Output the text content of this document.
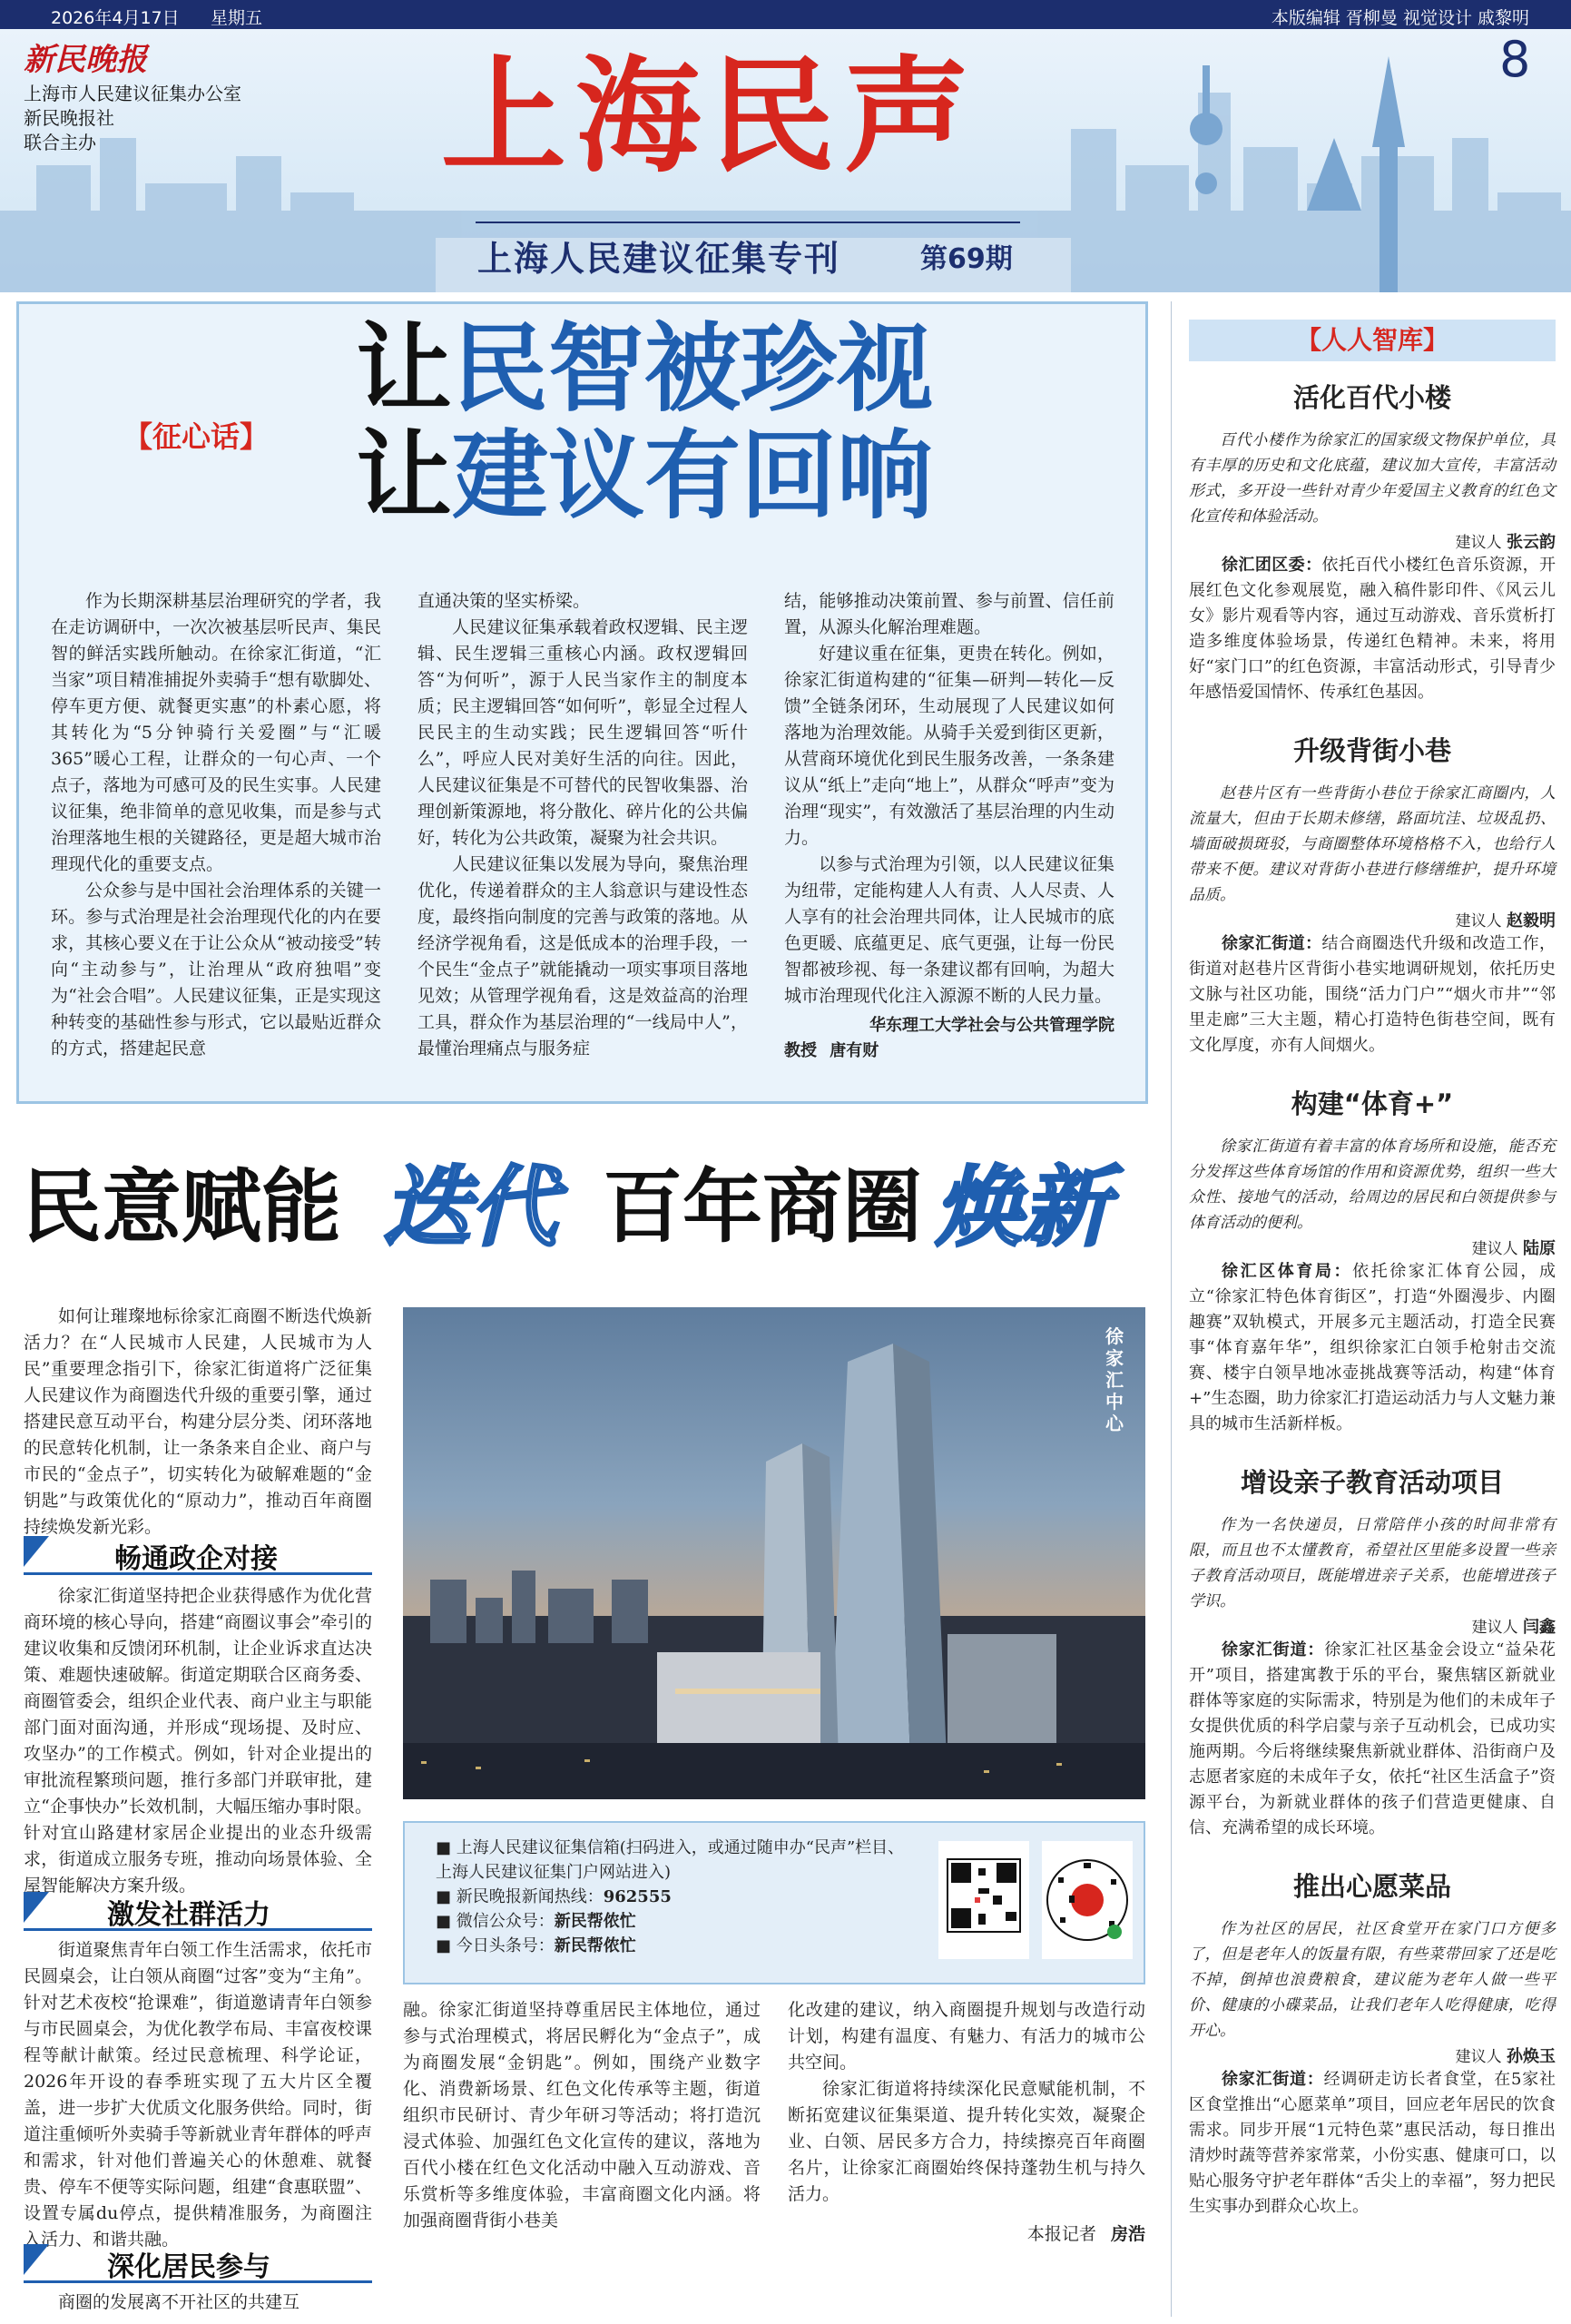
2026年4月17日 星期五	本版编辑 胥柳曼 视觉设计 戚黎明
新民晚报
上海市人民建议征集办公室
新民晚报社
联合主办	上海民声
上海人民建议征集专刊	第69期
8
【征心话】
让民智被珍视
让建议有回响

作为长期深耕基层治理研究的学者，我在走访调研中，一次次被基层听民声、集民智的鲜活实践所触动。在徐家汇街道，“汇当家”项目精准捕捉外卖骑手“想有歇脚处、停车更方便、就餐更实惠”的朴素心愿，将其转化为“5分钟骑行关爱圈”与“汇暖365”暖心工程，让群众的一句心声、一个点子，落地为可感可及的民生实事。人民建议征集，绝非简单的意见收集，而是参与式治理落地生根的关键路径，更是超大城市治理现代化的重要支点。

公众参与是中国社会治理体系的关键一环。参与式治理是社会治理现代化的内在要求，其核心要义在于让公众从“被动接受”转向“主动参与”，让治理从“政府独唱”变为“社会合唱”。人民建议征集，正是实现这种转变的基础性参与形式，它以最贴近群众的方式，搭建起民意

直通决策的坚实桥梁。

人民建议征集承载着政权逻辑、民主逻辑、民生逻辑三重核心内涵。政权逻辑回答“为何听”，源于人民当家作主的制度本质；民主逻辑回答“如何听”，彰显全过程人民民主的生动实践；民生逻辑回答“听什么”，呼应人民对美好生活的向往。因此，人民建议征集是不可替代的民智收集器、治理创新策源地，将分散化、碎片化的公共偏好，转化为公共政策，凝聚为社会共识。

人民建议征集以发展为导向，聚焦治理优化，传递着群众的主人翁意识与建设性态度，最终指向制度的完善与政策的落地。从经济学视角看，这是低成本的治理手段，一个民生“金点子”就能撬动一项实事项目落地见效；从管理学视角看，这是效益高的治理工具，群众作为基层治理的“一线局中人”，最懂治理痛点与服务症

结，能够推动决策前置、参与前置、信任前置，从源头化解治理难题。

好建议重在征集，更贵在转化。例如，徐家汇街道构建的“征集—研判—转化—反馈”全链条闭环，生动展现了人民建议如何落地为治理效能。从骑手关爱到街区更新，从营商环境优化到民生服务改善，一条条建议从“纸上”走向“地上”，从群众“呼声”变为治理“现实”，有效激活了基层治理的内生动力。

以参与式治理为引领，以人民建议征集为纽带，定能构建人人有责、人人尽责、人人享有的社会治理共同体，让人民城市的底色更暖、底蕴更足、底气更强，让每一份民智都被珍视、每一条建议都有回响，为超大城市治理现代化注入源源不断的人民力量。

华东理工大学社会与公共管理学院
教授 唐有财
民意赋能 迭代 百年商圈 焕新

如何让璀璨地标徐家汇商圈不断迭代焕新活力？在“人民城市人民建，人民城市为人民”重要理念指引下，徐家汇街道将广泛征集人民建议作为商圈迭代升级的重要引擎，通过搭建民意互动平台，构建分层分类、闭环落地的民意转化机制，让一条条来自企业、商户与市民的“金点子”，切实转化为破解难题的“金钥匙”与政策优化的“原动力”，推动百年商圈持续焕发新光彩。

畅通政企对接

徐家汇街道坚持把企业获得感作为优化营商环境的核心导向，搭建“商圈议事会”牵引的建议收集和反馈闭环机制，让企业诉求直达决策、难题快速破解。街道定期联合区商务委、商圈管委会，组织企业代表、商户业主与职能部门面对面沟通，并形成“现场提、及时应、攻坚办”的工作模式。例如，针对企业提出的审批流程繁琐问题，推行多部门并联审批，建立“企事快办”长效机制，大幅压缩办事时限。针对宜山路建材家居企业提出的业态升级需求，街道成立服务专班，推动向场景体验、全屋智能解决方案升级。

激发社群活力

街道聚焦青年白领工作生活需求，依托市民圆桌会，让白领从商圈“过客”变为“主角”。针对艺术夜校“抢课难”，街道邀请青年白领参与市民圆桌会，为优化教学布局、丰富夜校课程等献计献策。经过民意梳理、科学论证，2026年开设的春季班实现了五大片区全覆盖，进一步扩大优质文化服务供给。同时，街道注重倾听外卖骑手等新就业青年群体的呼声和需求，针对他们普遍关心的休憩难、就餐贵、停车不便等实际问题，组建“食惠联盟”、设置专属du停点，提供精准服务，为商圈注入活力、和谐共融。

深化居民参与

商圈的发展离不开社区的共建互

徐家汇中心
■ 上海人民建议征集信箱(扫码进入，或通过随申办“民声”栏目、上海人民建议征集门户网站进入)
■ 新民晚报新闻热线：962555
■ 微信公众号：新民帮侬忙
■ 今日头条号：新民帮侬忙

融。徐家汇街道坚持尊重居民主体地位，通过参与式治理模式，将居民孵化为“金点子”，成为商圈发展“金钥匙”。例如，围绕产业数字化、消费新场景、红色文化传承等主题，街道组织市民研讨、青少年研习等活动；将打造沉浸式体验、加强红色文化宣传的建议，落地为百代小楼在红色文化活动中融入互动游戏、音乐赏析等多维度体验，丰富商圈文化内涵。将加强商圈背街小巷美

化改建的建议，纳入商圈提升规划与改造行动计划，构建有温度、有魅力、有活力的城市公共空间。

徐家汇街道将持续深化民意赋能机制，不断拓宽建议征集渠道、提升转化实效，凝聚企业、白领、居民多方合力，持续擦亮百年商圈名片，让徐家汇商圈始终保持蓬勃生机与持久活力。

本报记者 房浩
【人人智库】
活化百代小楼

百代小楼作为徐家汇的国家级文物保护单位，具有丰厚的历史和文化底蕴，建议加大宣传，丰富活动形式，多开设一些针对青少年爱国主义教育的红色文化宣传和体验活动。

建议人 张云韵

徐汇团区委：依托百代小楼红色音乐资源，开展红色文化参观展览，融入稿件影印件、《风云儿女》影片观看等内容，通过互动游戏、音乐赏析打造多维度体验场景，传递红色精神。未来，将用好“家门口”的红色资源，丰富活动形式，引导青少年感悟爱国情怀、传承红色基因。

升级背街小巷

赵巷片区有一些背街小巷位于徐家汇商圈内，人流量大，但由于长期未修缮，路面坑洼、垃圾乱扔、墙面破损斑驳，与商圈整体环境格格不入，也给行人带来不便。建议对背街小巷进行修缮维护，提升环境品质。

建议人 赵毅明

徐家汇街道：结合商圈迭代升级和改造工作，街道对赵巷片区背街小巷实地调研规划，依托历史文脉与社区功能，围绕“活力门户”“烟火市井”“邻里走廊”三大主题，精心打造特色街巷空间，既有文化厚度，亦有人间烟火。

构建“体育+”

徐家汇街道有着丰富的体育场所和设施，能否充分发挥这些体育场馆的作用和资源优势，组织一些大众性、接地气的活动，给周边的居民和白领提供参与体育活动的便利。

建议人 陆原

徐汇区体育局：依托徐家汇体育公园，成立“徐家汇特色体育街区”，打造“外圈漫步、内圈趣赛”双轨模式，开展多元主题活动，打造全民赛事“体育嘉年华”，组织徐家汇白领手枪射击交流赛、楼宇白领旱地冰壶挑战赛等活动，构建“体育+”生态圈，助力徐家汇打造运动活力与人文魅力兼具的城市生活新样板。

增设亲子教育活动项目

作为一名快递员，日常陪伴小孩的时间非常有限，而且也不太懂教育，希望社区里能多设置一些亲子教育活动项目，既能增进亲子关系，也能增进孩子学识。

建议人 闫鑫

徐家汇街道：徐家汇社区基金会设立“益朵花开”项目，搭建寓教于乐的平台，聚焦辖区新就业群体等家庭的实际需求，特别是为他们的未成年子女提供优质的科学启蒙与亲子互动机会，已成功实施两期。今后将继续聚焦新就业群体、沿街商户及志愿者家庭的未成年子女，依托“社区生活盒子”资源平台，为新就业群体的孩子们营造更健康、自信、充满希望的成长环境。

推出心愿菜品

作为社区的居民，社区食堂开在家门口方便多了，但是老年人的饭量有限，有些菜带回家了还是吃不掉，倒掉也浪费粮食，建议能为老年人做一些平价、健康的小碟菜品，让我们老年人吃得健康，吃得开心。

建议人 孙焕玉

徐家汇街道：经调研走访长者食堂，在5家社区食堂推出“心愿菜单”项目，回应老年居民的饮食需求。同步开展“1元特色菜”惠民活动，每日推出清炒时蔬等营养家常菜，小份实惠、健康可口，以贴心服务守护老年群体“舌尖上的幸福”，努力把民生实事办到群众心坎上。
